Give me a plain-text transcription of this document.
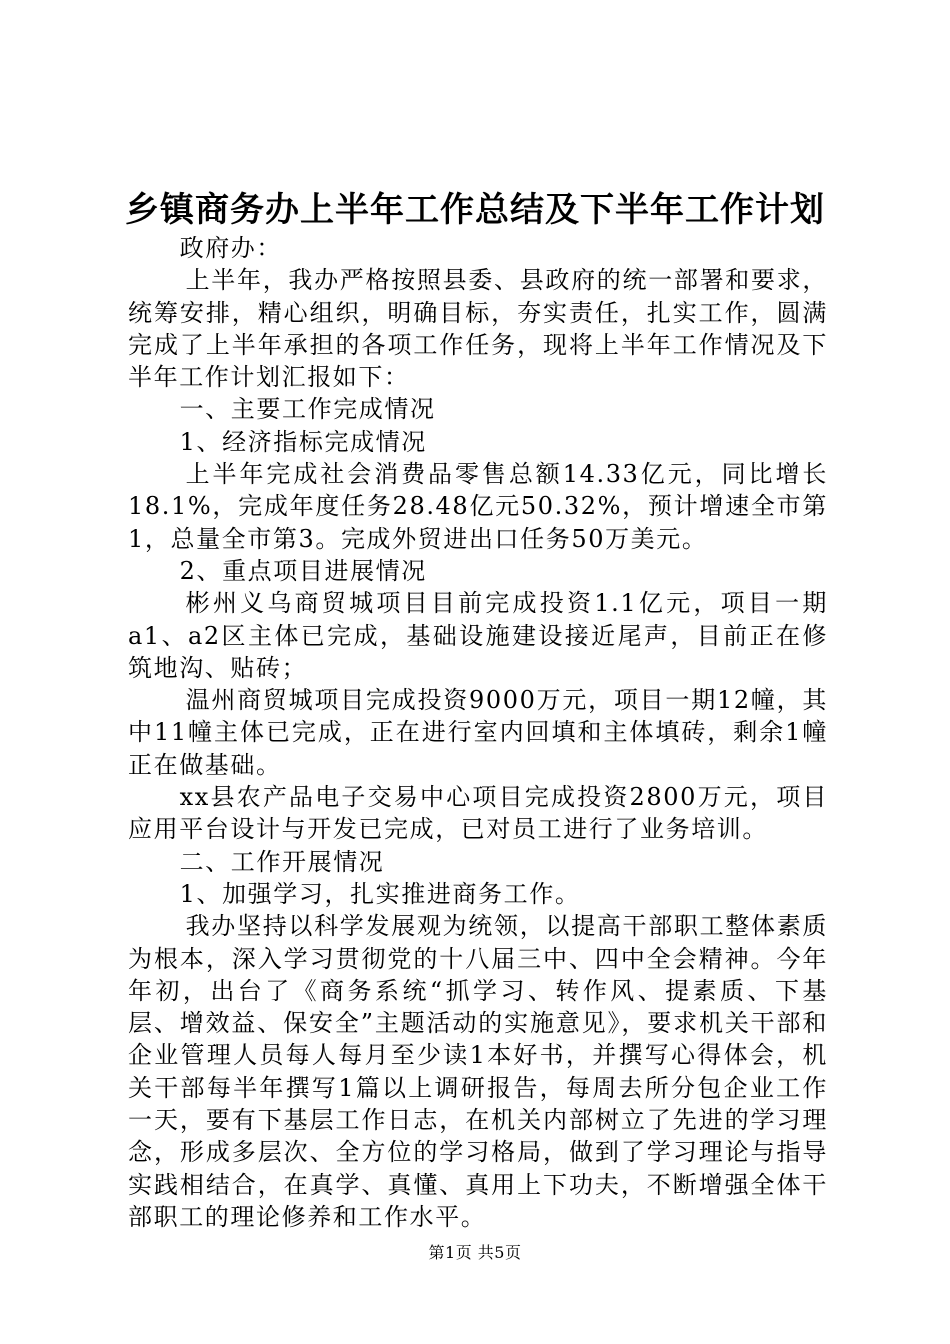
乡镇商务办上半年工作总结及下半年工作计划

政府办：

上半年，我办严格按照县委、县政府的统一部署和要求，统筹安排，精心组织，明确目标，夯实责任，扎实工作，圆满完成了上半年承担的各项工作任务，现将上半年工作情况及下半年工作计划汇报如下：

一、主要工作完成情况

1、经济指标完成情况

上半年完成社会消费品零售总额14.33亿元，同比增长18.1%，完成年度任务28.48亿元50.32%，预计增速全市第1，总量全市第3。完成外贸进出口任务50万美元。

2、重点项目进展情况

彬州义乌商贸城项目目前完成投资1.1亿元，项目一期a1、a2区主体已完成，基础设施建设接近尾声，目前正在修筑地沟、贴砖；

温州商贸城项目完成投资9000万元，项目一期12幢，其中11幢主体已完成，正在进行室内回填和主体填砖，剩余1幢正在做基础。

xx县农产品电子交易中心项目完成投资2800万元，项目应用平台设计与开发已完成，已对员工进行了业务培训。

二、工作开展情况

1、加强学习，扎实推进商务工作。

我办坚持以科学发展观为统领，以提高干部职工整体素质为根本，深入学习贯彻党的十八届三中、四中全会精神。今年年初，出台了《商务系统“抓学习、转作风、提素质、下基层、增效益、保安全”主题活动的实施意见》，要求机关干部和企业管理人员每人每月至少读1本好书，并撰写心得体会，机关干部每半年撰写1篇以上调研报告，每周去所分包企业工作一天，要有下基层工作日志，在机关内部树立了先进的学习理念，形成多层次、全方位的学习格局，做到了学习理论与指导实践相结合，在真学、真懂、真用上下功夫，不断增强全体干部职工的理论修养和工作水平。

第1页 共5页
